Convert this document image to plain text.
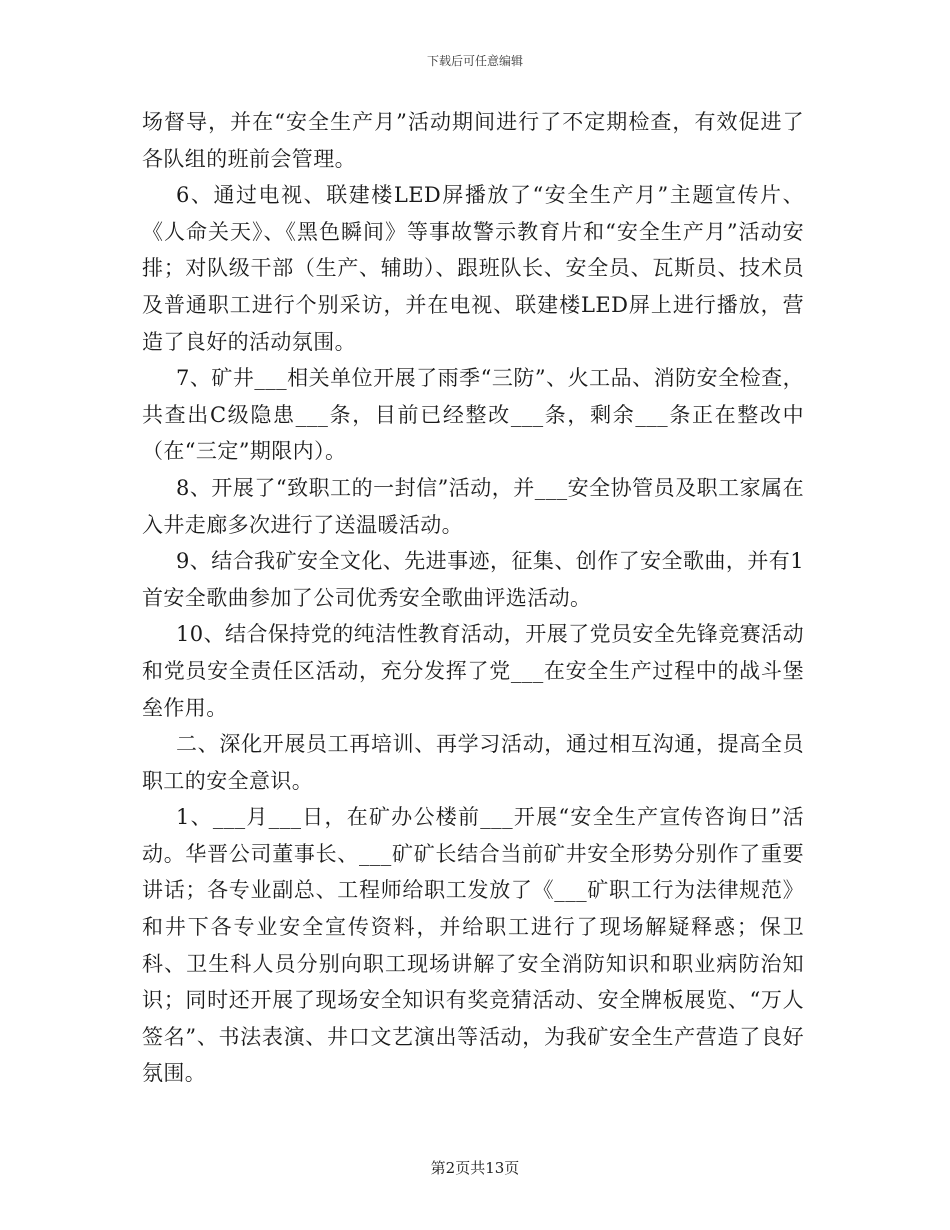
下载后可任意编辑

场督导，并在“安全生产月”活动期间进行了不定期检查，有效促进了各队组的班前会管理。

6、通过电视、联建楼LED屏播放了“安全生产月”主题宣传片、《人命关天》、《黑色瞬间》等事故警示教育片和“安全生产月”活动安排；对队级干部（生产、辅助）、跟班队长、安全员、瓦斯员、技术员及普通职工进行个别采访，并在电视、联建楼LED屏上进行播放，营造了良好的活动氛围。

7、矿井___相关单位开展了雨季“三防”、火工品、消防安全检查，共查出C级隐患___条，目前已经整改___条，剩余___条正在整改中（在“三定”期限内）。

8、开展了“致职工的一封信”活动，并___安全协管员及职工家属在入井走廊多次进行了送温暖活动。

9、结合我矿安全文化、先进事迹，征集、创作了安全歌曲，并有1首安全歌曲参加了公司优秀安全歌曲评选活动。

10、结合保持党的纯洁性教育活动，开展了党员安全先锋竞赛活动和党员安全责任区活动，充分发挥了党___在安全生产过程中的战斗堡垒作用。

二、深化开展员工再培训、再学习活动，通过相互沟通，提高全员职工的安全意识。

1、___月___日，在矿办公楼前___开展“安全生产宣传咨询日”活动。华晋公司董事长、___矿矿长结合当前矿井安全形势分别作了重要讲话；各专业副总、工程师给职工发放了《___矿职工行为法律规范》和井下各专业安全宣传资料，并给职工进行了现场解疑释惑；保卫科、卫生科人员分别向职工现场讲解了安全消防知识和职业病防治知识；同时还开展了现场安全知识有奖竞猜活动、安全牌板展览、“万人签名”、书法表演、井口文艺演出等活动，为我矿安全生产营造了良好氛围。

第2页共13页
